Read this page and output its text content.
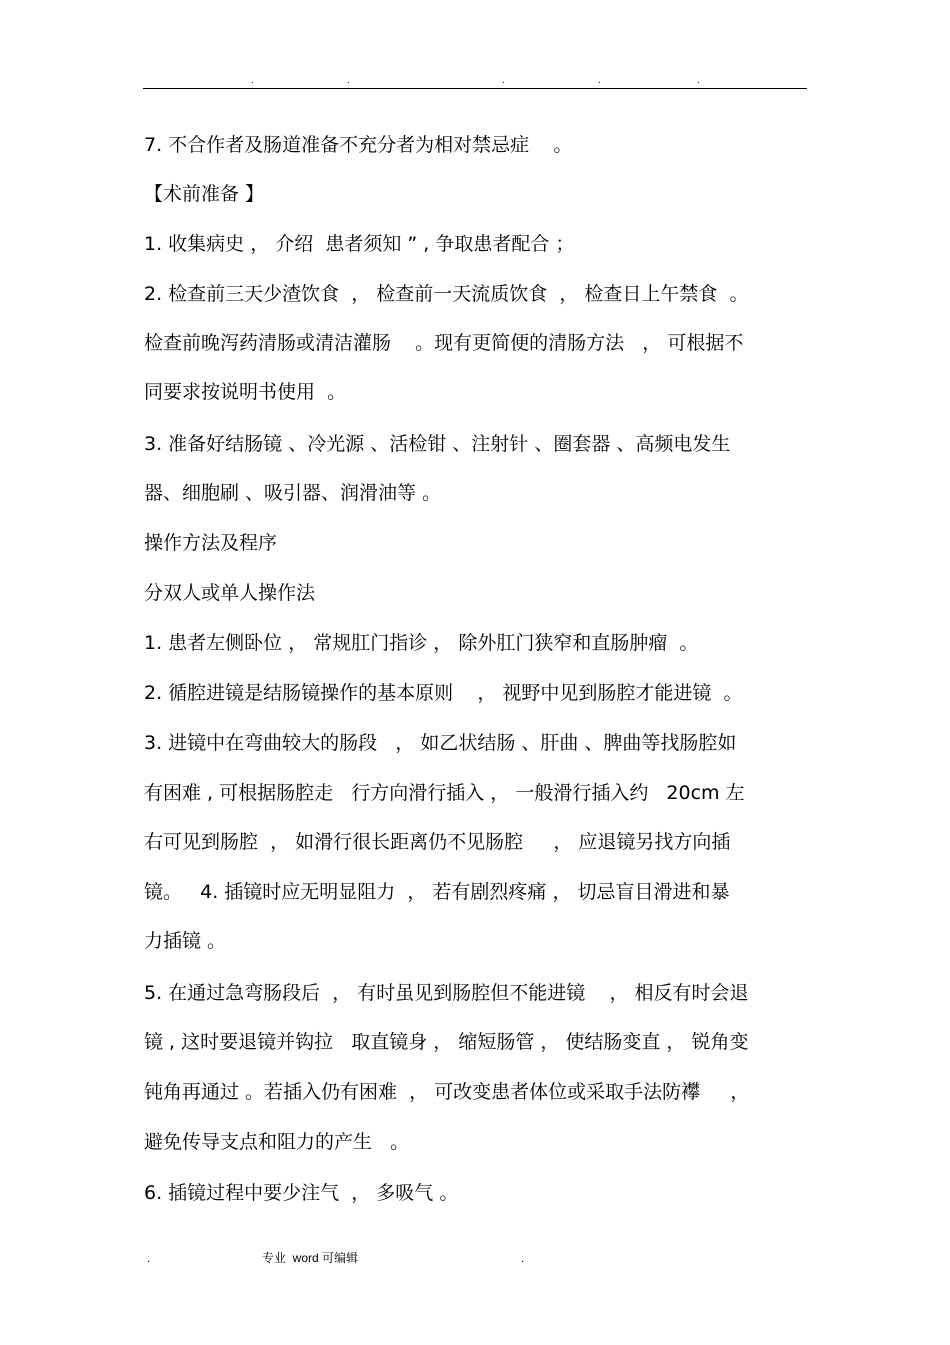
.	.	.	.	.
7. 不合作者及肠道准备不充分者为相对禁忌症    。
【术前准备 】
1. 收集病史 ， 介绍  患者须知 ” , 争取患者配合 ；
2. 检查前三天少渣饮食  ， 检查前一天流质饮食  ， 检查日上午禁食  。
检查前晚泻药清肠或清洁灌肠    。现有更简便的清肠方法   ， 可根据不
同要求按说明书使用  。
3. 准备好结肠镜 、冷光源 、活检钳 、注射针 、圈套器 、高频电发生
器、细胞刷 、吸引器、润滑油等 。
操作方法及程序
分双人或单人操作法
1. 患者左侧卧位 ， 常规肛门指诊 ， 除外肛门狭窄和直肠肿瘤  。
2. 循腔进镜是结肠镜操作的基本原则    ， 视野中见到肠腔才能进镜  。
3. 进镜中在弯曲较大的肠段   ， 如乙状结肠 、肝曲 、脾曲等找肠腔如
有困难 , 可根据肠腔走   行方向滑行插入 ， 一般滑行插入约   20cm 左
右可见到肠腔  ， 如滑行很长距离仍不见肠腔     ， 应退镜另找方向插
镜。   4. 插镜时应无明显阻力  ， 若有剧烈疼痛 ， 切忌盲目滑进和暴
力插镜 。
5. 在通过急弯肠段后  ， 有时虽见到肠腔但不能进镜    ， 相反有时会退
镜 , 这时要退镜并钩拉   取直镜身 ， 缩短肠管 ， 使结肠变直 ， 锐角变
钝角再通过 。若插入仍有困难  ， 可改变患者体位或采取手法防襻     ，
避免传导支点和阻力的产生   。
6. 插镜过程中要少注气  ， 多吸气 。
.	专业  word 可编辑	.
